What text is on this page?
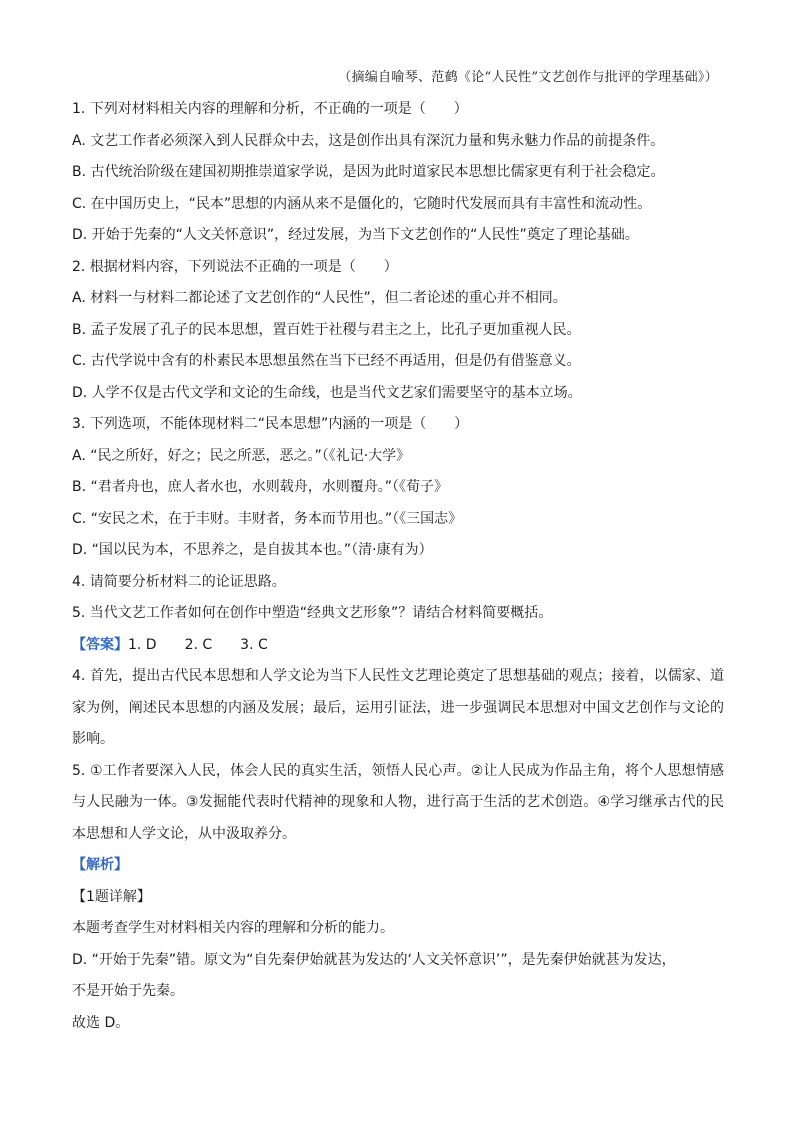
（摘编自喻琴、范鹤《论“人民性”文艺创作与批评的学理基础》）
1. 下列对材料相关内容的理解和分析，不正确的一项是（　　）
A. 文艺工作者必须深入到人民群众中去，这是创作出具有深沉力量和隽永魅力作品的前提条件。
B. 古代统治阶级在建国初期推崇道家学说，是因为此时道家民本思想比儒家更有利于社会稳定。
C. 在中国历史上，“民本”思想的内涵从来不是僵化的，它随时代发展而具有丰富性和流动性。
D. 开始于先秦的“人文关怀意识”，经过发展，为当下文艺创作的“人民性”奠定了理论基础。
2. 根据材料内容，下列说法不正确的一项是（　　）
A. 材料一与材料二都论述了文艺创作的“人民性”，但二者论述的重心并不相同。
B. 孟子发展了孔子的民本思想，置百姓于社稷与君主之上，比孔子更加重视人民。
C. 古代学说中含有的朴素民本思想虽然在当下已经不再适用，但是仍有借鉴意义。
D. 人学不仅是古代文学和文论的生命线，也是当代文艺家们需要坚守的基本立场。
3. 下列选项，不能体现材料二“民本思想”内涵的一项是（　　）
A. “民之所好，好之；民之所恶，恶之。”（《礼记·大学》
B. “君者舟也，庶人者水也，水则载舟，水则覆舟。”（《荀子》
C. “安民之术，在于丰财。丰财者，务本而节用也。”（《三国志》
D. “国以民为本，不思养之，是自拔其本也。”（清·康有为）
4. 请简要分析材料二的论证思路。
5. 当代文艺工作者如何在创作中塑造“经典文艺形象”？请结合材料简要概括。
【答案】1. D　　2. C　　3. C
4. 首先，提出古代民本思想和人学文论为当下人民性文艺理论奠定了思想基础的观点；接着，以儒家、道家为例，阐述民本思想的内涵及发展；最后，运用引证法，进一步强调民本思想对中国文艺创作与文论的影响。
5. ①工作者要深入人民，体会人民的真实生活，领悟人民心声。②让人民成为作品主角，将个人思想情感与人民融为一体。③发掘能代表时代精神的现象和人物，进行高于生活的艺术创造。④学习继承古代的民本思想和人学文论，从中汲取养分。
【解析】
【1题详解】
本题考查学生对材料相关内容的理解和分析的能力。
D. “开始于先秦”错。原文为“自先秦伊始就甚为发达的‘人文关怀意识’”，是先秦伊始就甚为发达，
不是开始于先秦。
故选 D。
